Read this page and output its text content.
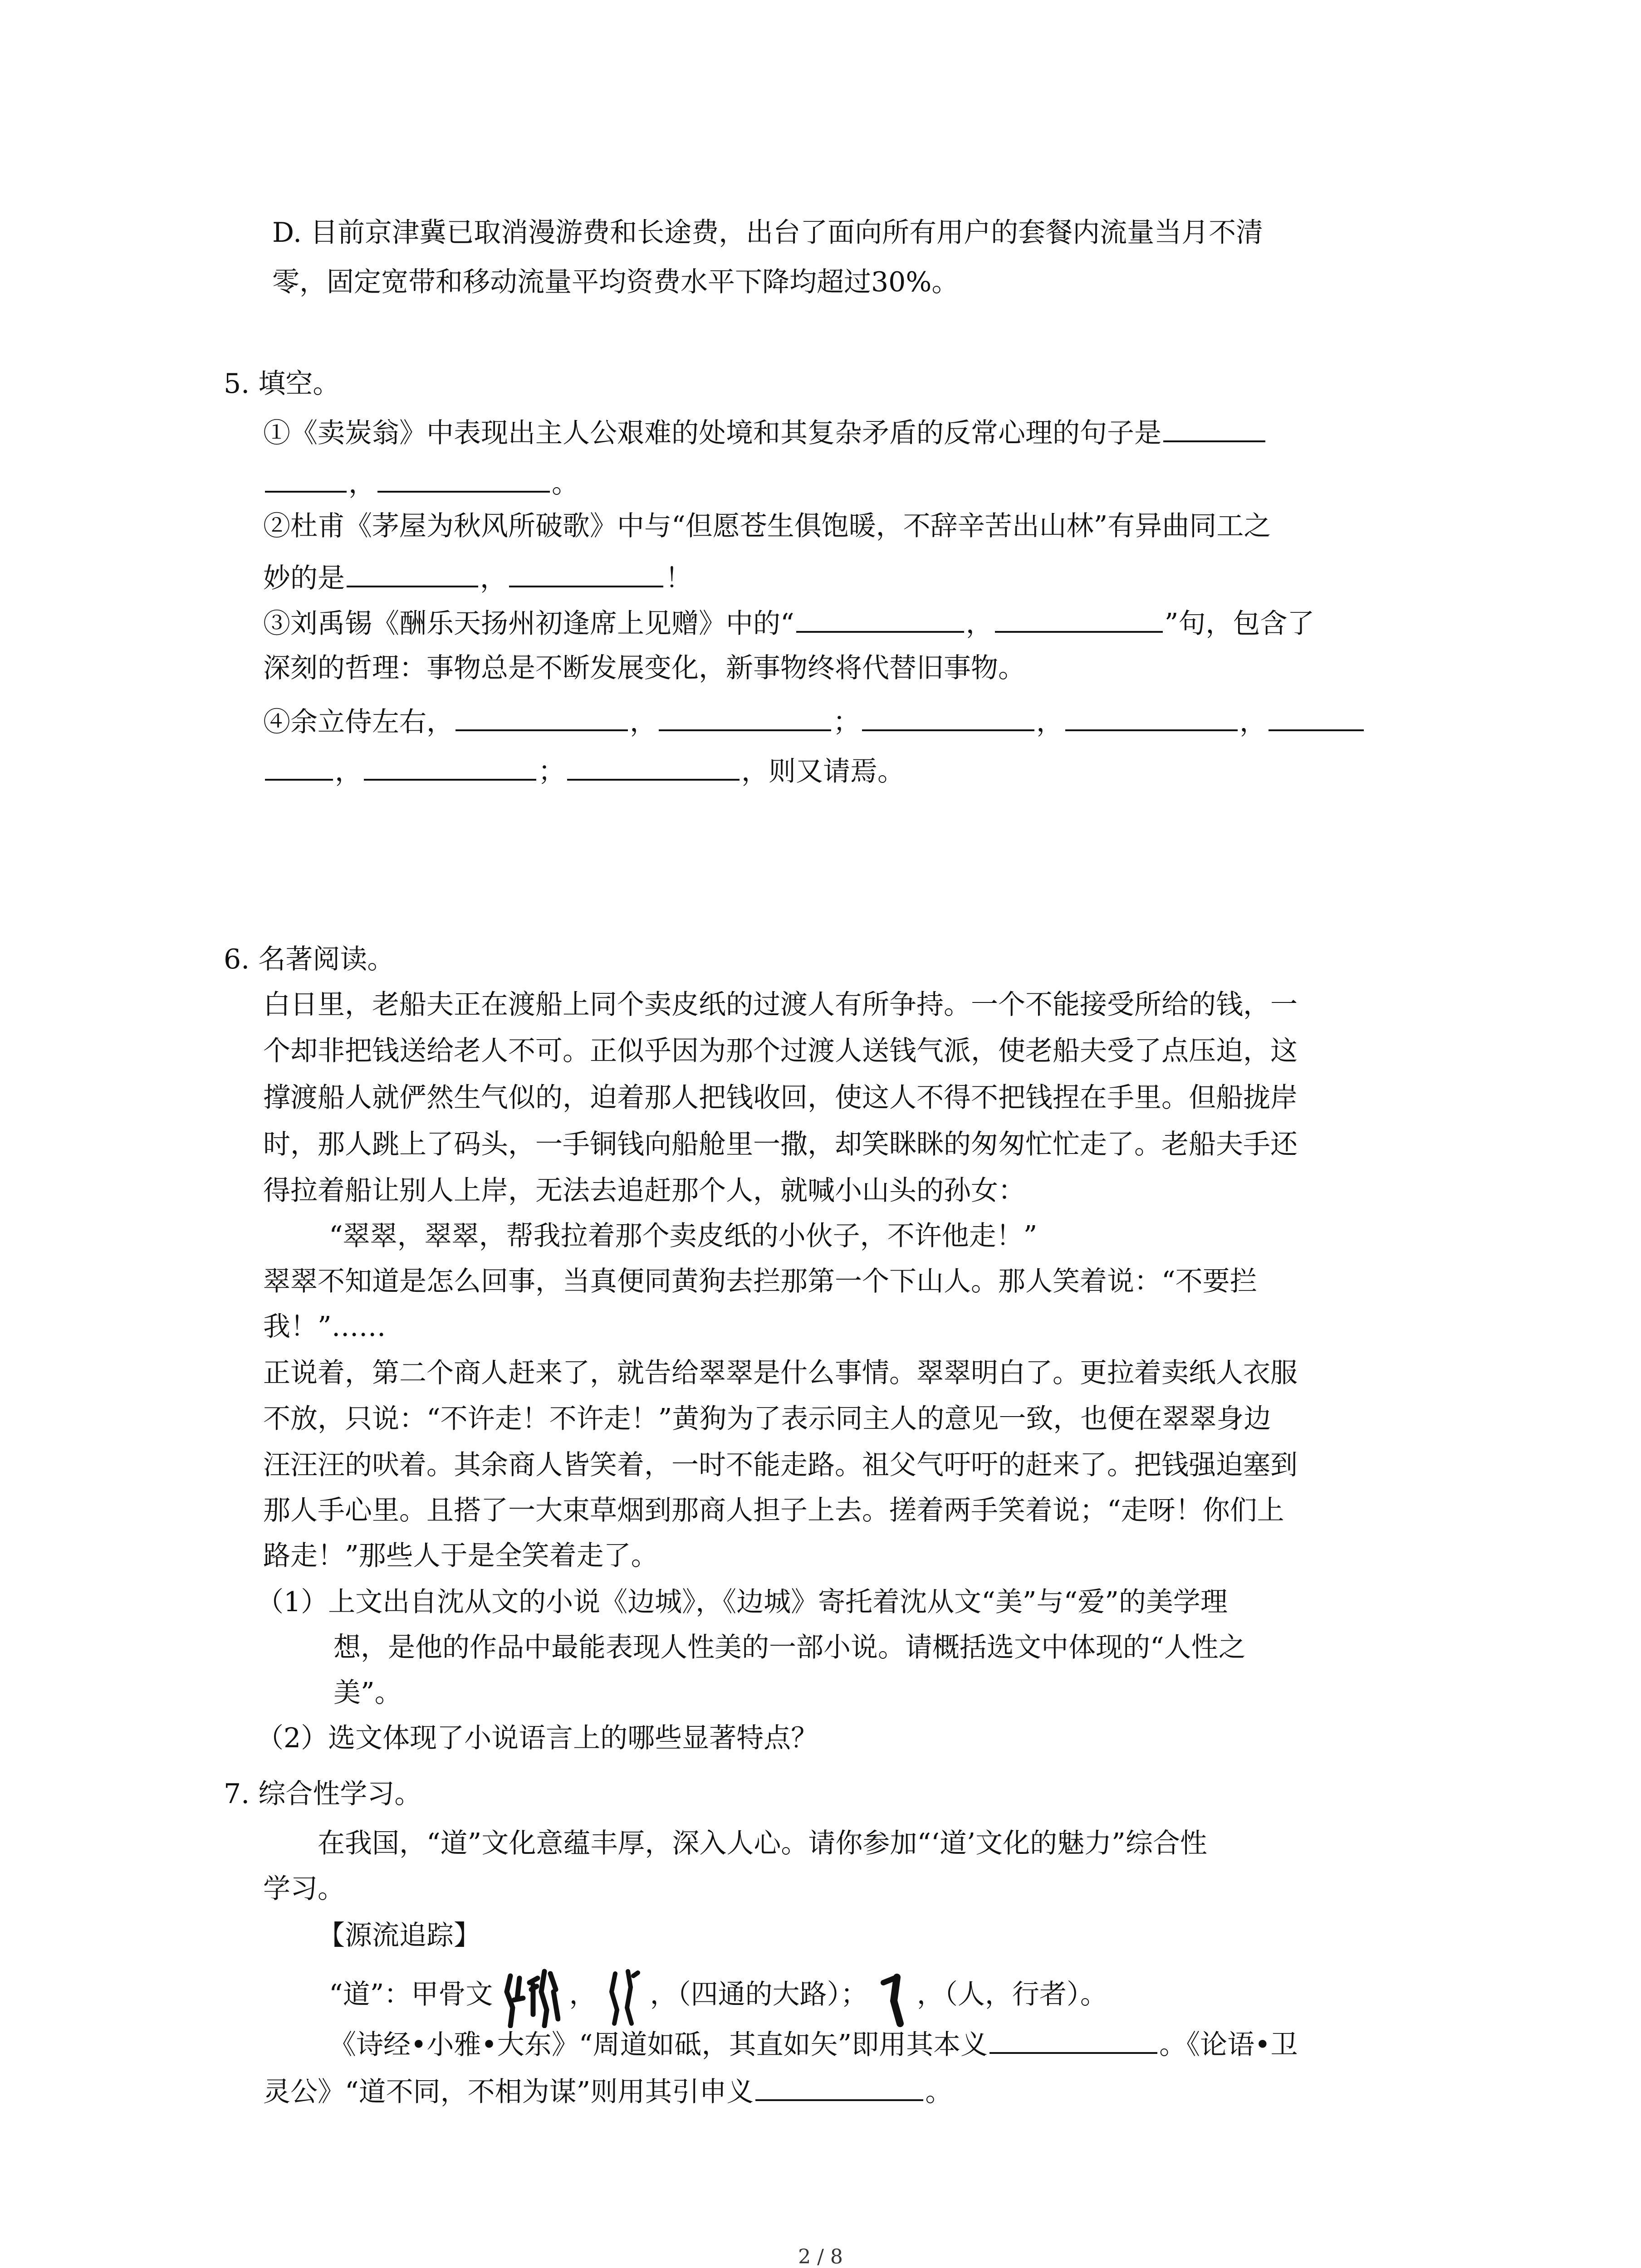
D. 目前京津冀已取消漫游费和长途费，出台了面向所有用户的套餐内流量当月不清
零，固定宽带和移动流量平均资费水平下降均超过30%。
5. 填空。
①《卖炭翁》中表现出主人公艰难的处境和其复杂矛盾的反常心理的句子是
，	。
②杜甫《茅屋为秋风所破歌》中与“但愿苍生俱饱暖，不辞辛苦出山林”有异曲同工之
妙的是	，	！
③刘禹锡《酬乐天扬州初逢席上见赠》中的“	，	”句，包含了
深刻的哲理：事物总是不断发展变化，新事物终将代替旧事物。
④余立侍左右，	，	；	，	，
，	；	，则又请焉。
6. 名著阅读。
白日里，老船夫正在渡船上同个卖皮纸的过渡人有所争持。一个不能接受所给的钱，一
个却非把钱送给老人不可。正似乎因为那个过渡人送钱气派，使老船夫受了点压迫，这
撑渡船人就俨然生气似的，迫着那人把钱收回，使这人不得不把钱捏在手里。但船拢岸
时，那人跳上了码头，一手铜钱向船舱里一撒，却笑眯眯的匆匆忙忙走了。老船夫手还
得拉着船让别人上岸，无法去追赶那个人，就喊小山头的孙女：
“翠翠，翠翠，帮我拉着那个卖皮纸的小伙子，不许他走！”
翠翠不知道是怎么回事，当真便同黄狗去拦那第一个下山人。那人笑着说：“不要拦
我！”……
正说着，第二个商人赶来了，就告给翠翠是什么事情。翠翠明白了。更拉着卖纸人衣服
不放，只说：“不许走！不许走！”黄狗为了表示同主人的意见一致，也便在翠翠身边
汪汪汪的吠着。其余商人皆笑着，一时不能走路。祖父气吁吁的赶来了。把钱强迫塞到
那人手心里。且搭了一大束草烟到那商人担子上去。搓着两手笑着说；“走呀！你们上
路走！”那些人于是全笑着走了。
（1）上文出自沈从文的小说《边城》，《边城》寄托着沈从文“美”与“爱”的美学理
想，是他的作品中最能表现人性美的一部小说。请概括选文中体现的“人性之
美”。
（2）选文体现了小说语言上的哪些显著特点？
7. 综合性学习。
在我国，“道”文化意蕴丰厚，深入人心。请你参加“‘道’文化的魅力”综合性
学习。
【源流追踪】
“道”：甲骨文	， ，（四通的大路）； ，（人，行者）。
《诗经•小雅•大东》“周道如砥，其直如矢”即用其本义	。《论语•卫
灵公》“道不同，不相为谋”则用其引申义	。
2 / 8
